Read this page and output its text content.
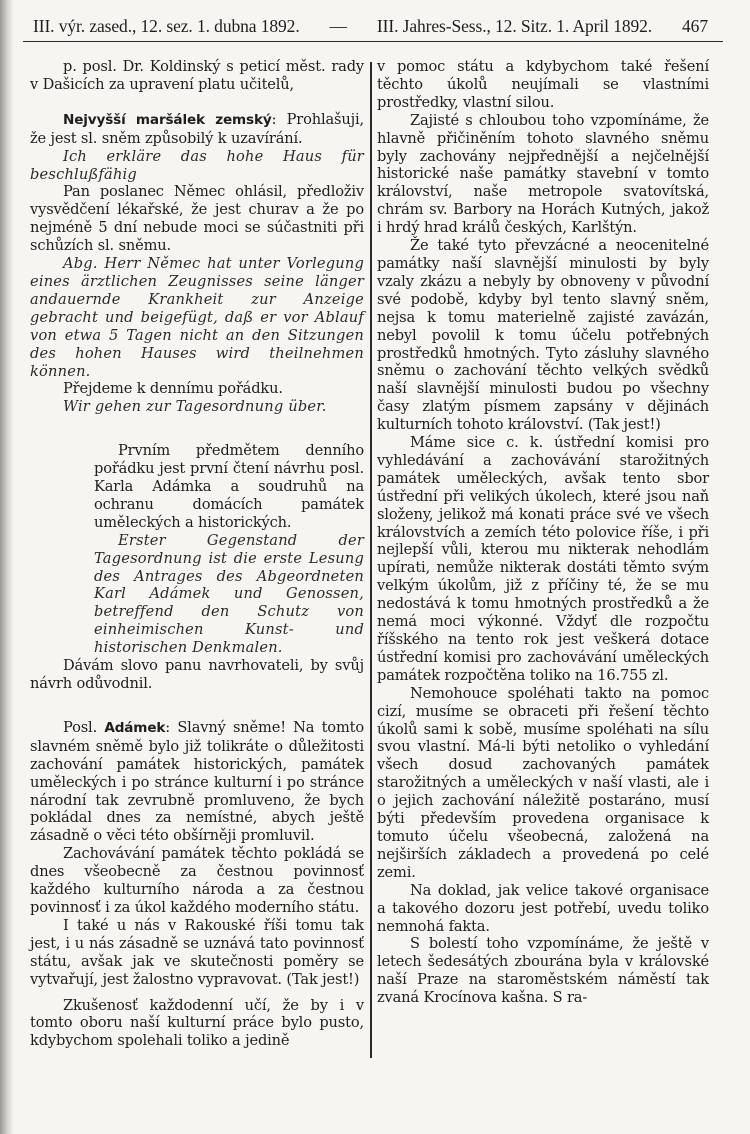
III. výr. zased., 12. sez. 1. dubna 1892. — III. Jahres-Sess., 12. Sitz. 1. April 1892. 467

p. posl. Dr. Koldinský s peticí měst. rady v Dašicích za upravení platu učitelů,

Nejvyšší maršálek zemský: Prohlašuji, že jest sl. sněm způsobilý k uzavírání.

Ich erkläre das hohe Haus für beschlußfähig

Pan poslanec Němec ohlásil, předloživ vysvědčení lékařské, že jest churav a že po nejméně 5 dní nebude moci se súčastniti při schůzích sl. sněmu.

Abg. Herr Němec hat unter Vorlegung eines ärztlichen Zeugnisses seine länger andauernde Krankheit zur Anzeige gebracht und beigefügt, daß er vor Ablauf von etwa 5 Tagen nicht an den Sitzungen des hohen Hauses wird theilnehmen können.

Přejdeme k dennímu pořádku.

Wir gehen zur Tagesordnung über.

Prvním předmětem denního pořádku jest první čtení návrhu posl. Karla Adámka a soudruhů na ochranu domácích památek uměleckých a historických.

Erster Gegenstand der Tagesordnung ist die erste Lesung des Antrages des Abgeordneten Karl Adámek und Genossen, betreffend den Schutz von einheimischen Kunst- und historischen Denkmalen.

Dávám slovo panu navrhovateli, by svůj návrh odůvodnil.

Posl. Adámek: Slavný sněme! Na tomto slavném sněmě bylo již tolikráte o důležitosti zachování památek historických, památek uměleckých i po stránce kulturní i po stránce národní tak zevrubně promluveno, že bych pokládal dnes za nemístné, abych ještě zásadně o věci této obšírněji promluvil.

Zachovávání památek těchto pokládá se dnes všeobecně za čestnou povinnosť každého kulturního národa a za čestnou povinnosť i za úkol každého moderního státu.

I také u nás v Rakouské říši tomu tak jest, i u nás zásadně se uznává tato povinnosť státu, avšak jak ve skutečnosti poměry se vytvařují, jest žalostno vypravovat. (Tak jest!)

Zkušenosť každodenní učí, že by i v tomto oboru naší kulturní práce bylo pusto, kdybychom spolehali toliko a jedině

v pomoc státu a kdybychom také řešení těchto úkolů neujímali se vlastními prostředky, vlastní silou.

Zajisté s chloubou toho vzpomínáme, že hlavně přičiněním tohoto slavného sněmu byly zachovány nejpřednější a nejčelnější historické naše památky stavební v tomto království, naše metropole svatovítská, chrám sv. Barbory na Horách Kutných, jakož i hrdý hrad králů českých, Karlštýn.

Že také tyto převzácné a neocenitelné památky naší slavnější minulosti by byly vzaly zkázu a nebyly by obnoveny v původní své podobě, kdyby byl tento slavný sněm, nejsa k tomu materielně zajisté zavázán, nebyl povolil k tomu účelu potřebných prostředků hmotných. Tyto zásluhy slavného sněmu o zachování těchto velkých svědků naší slavnější minulosti budou po všechny časy zlatým písmem zapsány v dějinách kulturních tohoto království. (Tak jest!)

Máme sice c. k. ústřední komisi pro vyhledávání a zachovávání starožitných památek uměleckých, avšak tento sbor ústřední při velikých úkolech, které jsou naň složeny, jelikož má konati práce své ve všech královstvích a zemích této polovice říše, i při nejlepší vůli, kterou mu nikterak nehodlám upírati, nemůže nikterak dostáti těmto svým velkým úkolům, již z příčiny té, že se mu nedostává k tomu hmotných prostředků a že nemá moci výkonné. Vždyť dle rozpočtu říšského na tento rok jest veškerá dotace ústřední komisi pro zachovávání uměleckých památek rozpočtěna toliko na 16.755 zl.

Nemohouce spoléhati takto na pomoc cizí, musíme se obraceti při řešení těchto úkolů sami k sobě, musíme spoléhati na sílu svou vlastní. Má-li býti netoliko o vyhledání všech dosud zachovaných památek starožitných a uměleckých v naší vlasti, ale i o jejich zachování náležitě postaráno, musí býti především provedena organisace k tomuto účelu všeobecná, založená na nejširších základech a provedená po celé zemi.

Na doklad, jak velice takové organisace a takového dozoru jest potřebí, uvedu toliko nemnohá fakta.

S bolestí toho vzpomínáme, že ještě v letech šedesátých zbourána byla v královské naší Praze na staroměstském náměstí tak zvaná Krocínova kašna. S ra-
